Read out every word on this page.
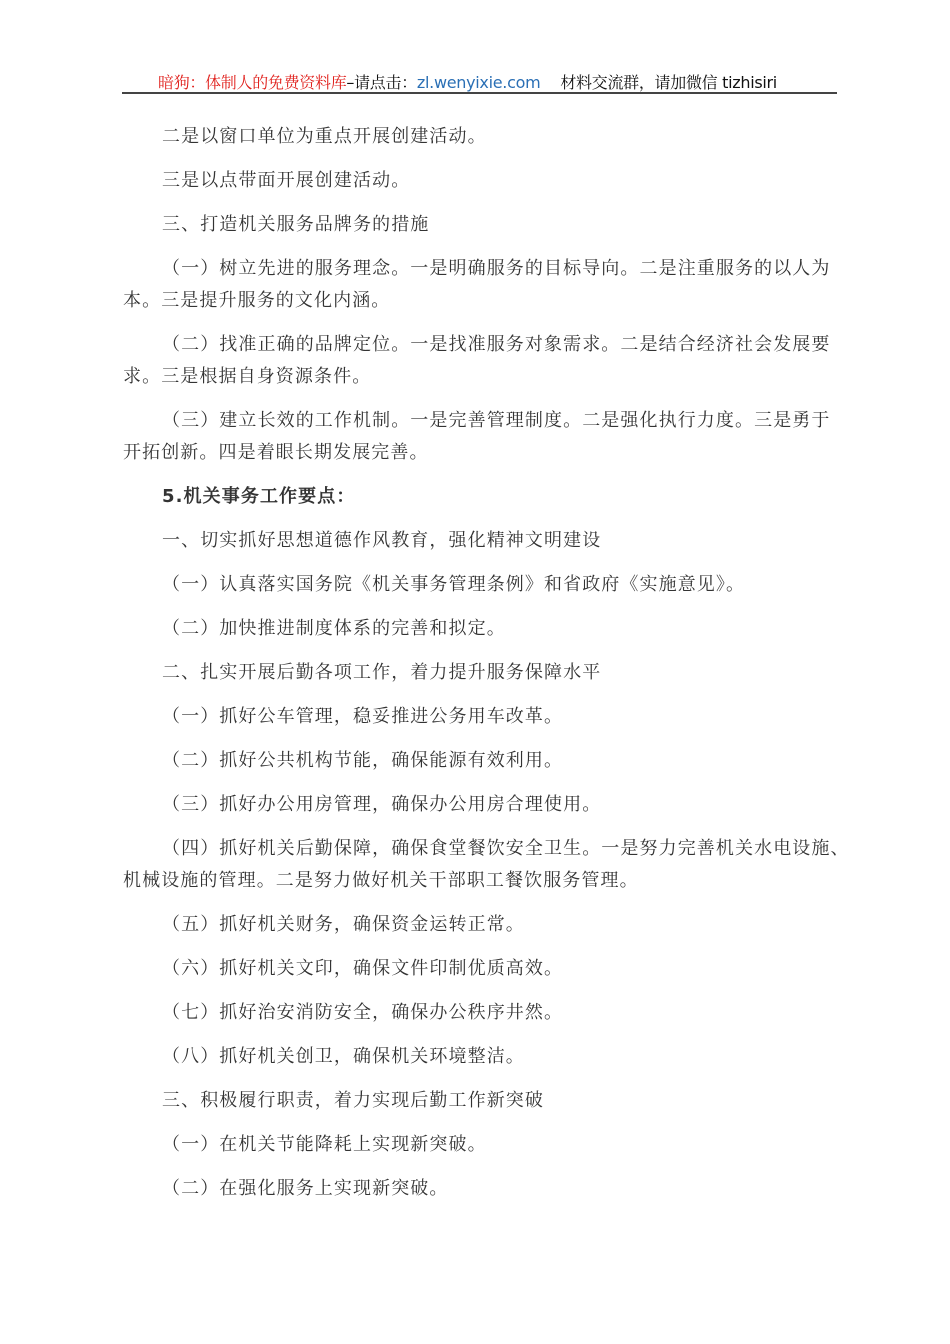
暗狗：体制人的免费资料库–请点击：zl.wenyixie.com 材料交流群，请加微信 tizhisiri
二是以窗口单位为重点开展创建活动。
三是以点带面开展创建活动。
三、打造机关服务品牌务的措施
（一）树立先进的服务理念。一是明确服务的目标导向。二是注重服务的以人为
本。三是提升服务的文化内涵。
（二）找准正确的品牌定位。一是找准服务对象需求。二是结合经济社会发展要
求。三是根据自身资源条件。
（三）建立长效的工作机制。一是完善管理制度。二是强化执行力度。三是勇于
开拓创新。四是着眼长期发展完善。
5.机关事务工作要点：
一、切实抓好思想道德作风教育，强化精神文明建设
（一）认真落实国务院《机关事务管理条例》和省政府《实施意见》。
（二）加快推进制度体系的完善和拟定。
二、扎实开展后勤各项工作，着力提升服务保障水平
（一）抓好公车管理，稳妥推进公务用车改革。
（二）抓好公共机构节能，确保能源有效利用。
（三）抓好办公用房管理，确保办公用房合理使用。
（四）抓好机关后勤保障，确保食堂餐饮安全卫生。一是努力完善机关水电设施、
机械设施的管理。二是努力做好机关干部职工餐饮服务管理。
（五）抓好机关财务，确保资金运转正常。
（六）抓好机关文印，确保文件印制优质高效。
（七）抓好治安消防安全，确保办公秩序井然。
（八）抓好机关创卫，确保机关环境整洁。
三、积极履行职责，着力实现后勤工作新突破
（一）在机关节能降耗上实现新突破。
（二）在强化服务上实现新突破。
